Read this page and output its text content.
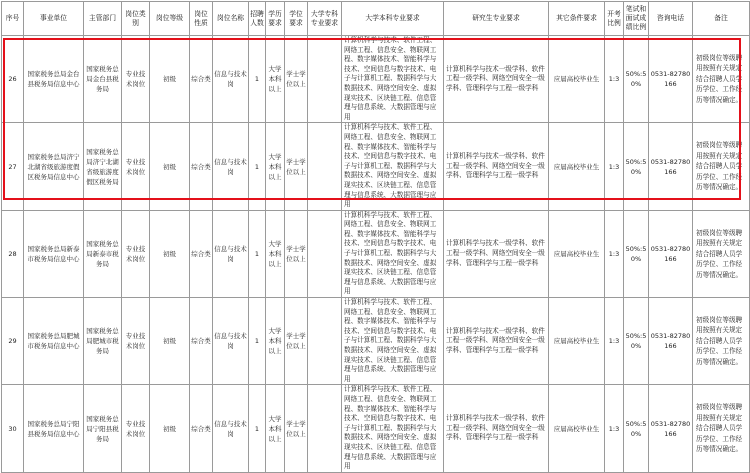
序号	事业单位	主管部门	岗位类别	岗位等级	岗位性质	岗位名称	招聘人数	学历要求	学位要求	大学专科专业要求	大学本科专业要求	研究生专业要求	其它条件要求	开考比例	笔试和面试成绩比例	咨询电话	备注
26	国家税务总局金台县税务局信息中心	国家税务总局金台县税务局	专业技术岗位	初级	综合类	信息与技术岗	1	大学本科以上	学士学位以上		计算机科学与技术、软件工程、网络工程、信息安全、物联网工程、数字媒体技术、智能科学与技术、空间信息与数字技术、电子与计算机工程、数据科学与大数据技术、网络空间安全、虚拟现实技术、区块链工程、信息管理与信息系统、大数据管理与应用	计算机科学与技术一级学科、软件工程一级学科、网络空间安全一级学科、管理科学与工程一级学科	应届高校毕业生	1:3	50%:50%	0531-82780166	初级岗位等级聘用按照有关规定结合招聘人员学历学位、工作经历等情况确定。
27	国家税务总局济宁北湖省级旅游度假区税务局信息中心	国家税务总局济宁北湖省级旅游度假区税务局	专业技术岗位	初级	综合类	信息与技术岗	1	大学本科以上	学士学位以上		计算机科学与技术、软件工程、网络工程、信息安全、物联网工程、数字媒体技术、智能科学与技术、空间信息与数字技术、电子与计算机工程、数据科学与大数据技术、网络空间安全、虚拟现实技术、区块链工程、信息管理与信息系统、大数据管理与应用	计算机科学与技术一级学科、软件工程一级学科、网络空间安全一级学科、管理科学与工程一级学科	应届高校毕业生	1:3	50%:50%	0531-82780166	初级岗位等级聘用按照有关规定结合招聘人员学历学位、工作经历等情况确定。
28	国家税务总局新泰市税务局信息中心	国家税务总局新泰市税务局	专业技术岗位	初级	综合类	信息与技术岗	1	大学本科以上	学士学位以上		计算机科学与技术、软件工程、网络工程、信息安全、物联网工程、数字媒体技术、智能科学与技术、空间信息与数字技术、电子与计算机工程、数据科学与大数据技术、网络空间安全、虚拟现实技术、区块链工程、信息管理与信息系统、大数据管理与应用	计算机科学与技术一级学科、软件工程一级学科、网络空间安全一级学科、管理科学与工程一级学科	应届高校毕业生	1:3	50%:50%	0531-82780166	初级岗位等级聘用按照有关规定结合招聘人员学历学位、工作经历等情况确定。
29	国家税务总局肥城市税务局信息中心	国家税务总局肥城市税务局	专业技术岗位	初级	综合类	信息与技术岗	1	大学本科以上	学士学位以上		计算机科学与技术、软件工程、网络工程、信息安全、物联网工程、数字媒体技术、智能科学与技术、空间信息与数字技术、电子与计算机工程、数据科学与大数据技术、网络空间安全、虚拟现实技术、区块链工程、信息管理与信息系统、大数据管理与应用	计算机科学与技术一级学科、软件工程一级学科、网络空间安全一级学科、管理科学与工程一级学科	应届高校毕业生	1:3	50%:50%	0531-82780166	初级岗位等级聘用按照有关规定结合招聘人员学历学位、工作经历等情况确定。
30	国家税务总局宁阳县税务局信息中心	国家税务总局宁阳县税务局	专业技术岗位	初级	综合类	信息与技术岗	1	大学本科以上	学士学位以上		计算机科学与技术、软件工程、网络工程、信息安全、物联网工程、数字媒体技术、智能科学与技术、空间信息与数字技术、电子与计算机工程、数据科学与大数据技术、网络空间安全、虚拟现实技术、区块链工程、信息管理与信息系统、大数据管理与应用	计算机科学与技术一级学科、软件工程一级学科、网络空间安全一级学科、管理科学与工程一级学科	应届高校毕业生	1:3	50%:50%	0531-82780166	初级岗位等级聘用按照有关规定结合招聘人员学历学位、工作经历等情况确定。
